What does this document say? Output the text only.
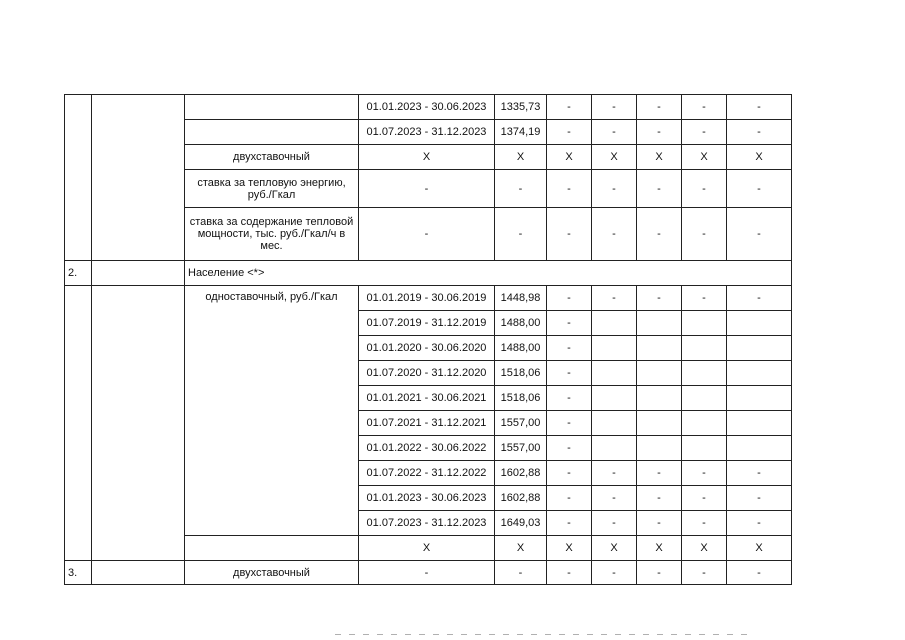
			01.01.2023 - 30.06.2023	1335,73	-	-	-	-	-
			01.07.2023 - 31.12.2023	1374,19	-	-	-	-	-
		двухставочный	X	X	X	X	X	X	X
		ставка за тепловую энергию, руб./Гкал	-	-	-	-	-	-	-
		ставка за содержание тепловой мощности, тыс. руб./Гкал/ч в мес.	-	-	-	-	-	-	-
2.		Население <*>							
		одноставочный, руб./Гкал	01.01.2019 - 30.06.2019	1448,98	-	-	-	-	-
			01.07.2019 - 31.12.2019	1488,00	-				
			01.01.2020 - 30.06.2020	1488,00	-				
			01.07.2020 - 31.12.2020	1518,06	-				
			01.01.2021 - 30.06.2021	1518,06	-				
			01.07.2021 - 31.12.2021	1557,00	-				
			01.01.2022 - 30.06.2022	1557,00	-				
			01.07.2022 - 31.12.2022	1602,88	-	-	-	-	-
			01.01.2023 - 30.06.2023	1602,88	-	-	-	-	-
			01.07.2023 - 31.12.2023	1649,03	-	-	-	-	-
			X	X	X	X	X	X	X
3.		двухставочный	-	-	-	-	-	-	-
